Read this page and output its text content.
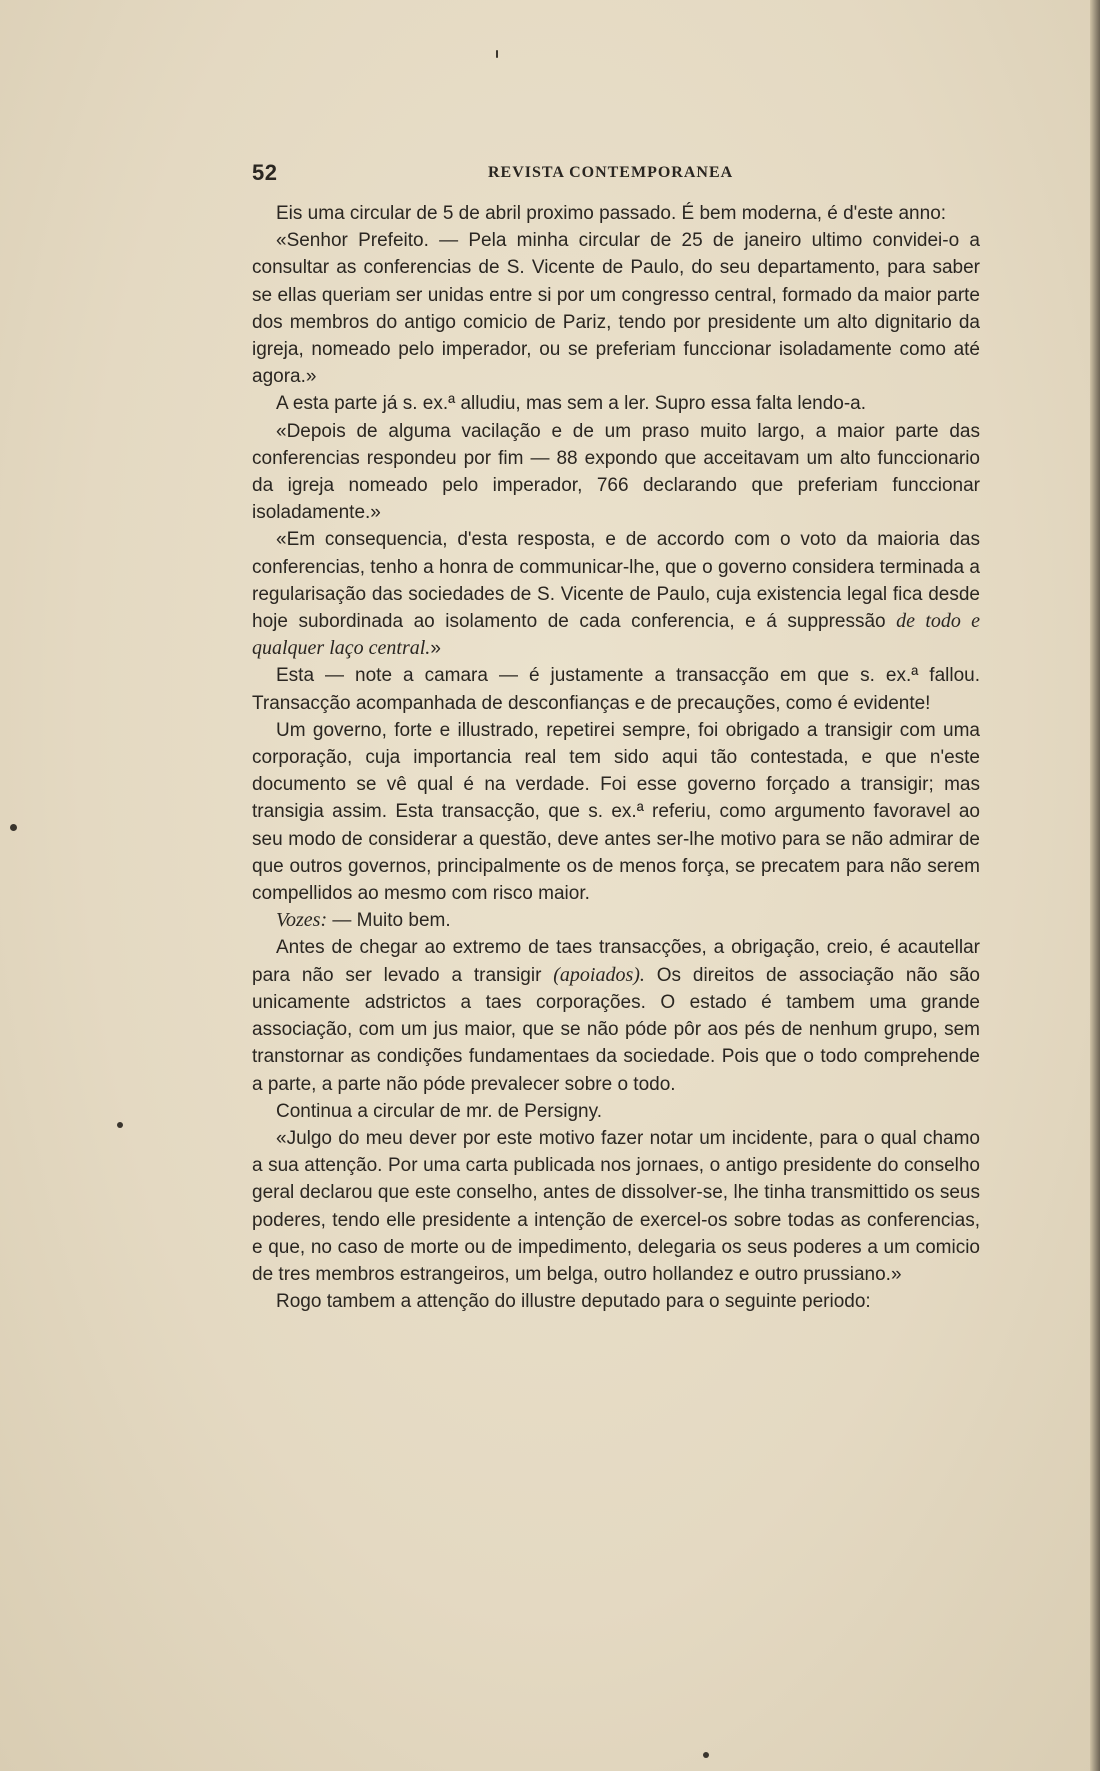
52	REVISTA CONTEMPORANEA

Eis uma circular de 5 de abril proximo passado. É bem moderna, é d'este anno:

«Senhor Prefeito. — Pela minha circular de 25 de janeiro ultimo convidei-o a consultar as conferencias de S. Vicente de Paulo, do seu departamento, para saber se ellas queriam ser unidas entre si por um congresso central, formado da maior parte dos membros do antigo comicio de Pariz, tendo por presidente um alto dignitario da igreja, nomeado pelo imperador, ou se preferiam funccionar isoladamente como até agora.»

A esta parte já s. ex.ª alludiu, mas sem a ler. Supro essa falta lendo-a.

«Depois de alguma vacilação e de um praso muito largo, a maior parte das conferencias respondeu por fim — 88 expondo que acceitavam um alto funccionario da igreja nomeado pelo imperador, 766 declarando que preferiam funccionar isoladamente.»

«Em consequencia, d'esta resposta, e de accordo com o voto da maioria das conferencias, tenho a honra de communicar-lhe, que o governo considera terminada a regularisação das sociedades de S. Vicente de Paulo, cuja existencia legal fica desde hoje subordinada ao isolamento de cada conferencia, e á suppressão de todo e qualquer laço central.»

Esta — note a camara — é justamente a transacção em que s. ex.ª fallou. Transacção acompanhada de desconfianças e de precauções, como é evidente!

Um governo, forte e illustrado, repetirei sempre, foi obrigado a transigir com uma corporação, cuja importancia real tem sido aqui tão contestada, e que n'este documento se vê qual é na verdade. Foi esse governo forçado a transigir; mas transigia assim. Esta transacção, que s. ex.ª referiu, como argumento favoravel ao seu modo de considerar a questão, deve antes ser-lhe motivo para se não admirar de que outros governos, principalmente os de menos força, se precatem para não serem compellidos ao mesmo com risco maior.

Vozes: — Muito bem.

Antes de chegar ao extremo de taes transacções, a obrigação, creio, é acautellar para não ser levado a transigir (apoiados). Os direitos de associação não são unicamente adstrictos a taes corporações. O estado é tambem uma grande associação, com um jus maior, que se não póde pôr aos pés de nenhum grupo, sem transtornar as condições fundamentaes da sociedade. Pois que o todo comprehende a parte, a parte não póde prevalecer sobre o todo.

Continua a circular de mr. de Persigny.

«Julgo do meu dever por este motivo fazer notar um incidente, para o qual chamo a sua attenção. Por uma carta publicada nos jornaes, o antigo presidente do conselho geral declarou que este conselho, antes de dissolver-se, lhe tinha transmittido os seus poderes, tendo elle presidente a intenção de exercel-os sobre todas as conferencias, e que, no caso de morte ou de impedimento, delegaria os seus poderes a um comicio de tres membros estrangeiros, um belga, outro hollandez e outro prussiano.»

Rogo tambem a attenção do illustre deputado para o seguinte periodo:
